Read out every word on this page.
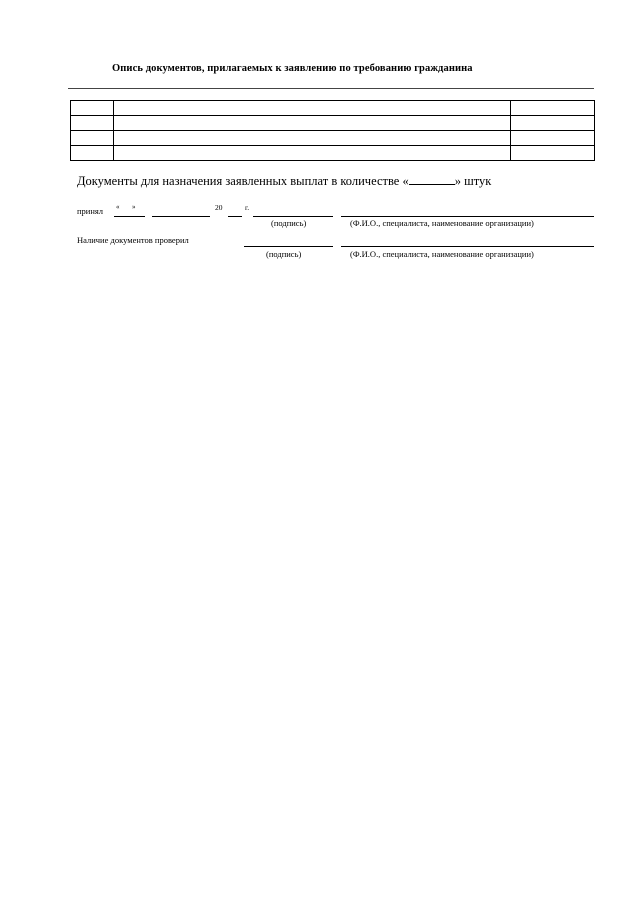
Опись документов, прилагаемых к заявлению по требованию гражданина

Документы для назначения заявленных выплат в количестве «	» штук
принял « »	20	г.
(подпись)	(Ф.И.О., специалиста, наименование организации)
Наличие документов проверил
(подпись)	(Ф.И.О., специалиста, наименование организации)
